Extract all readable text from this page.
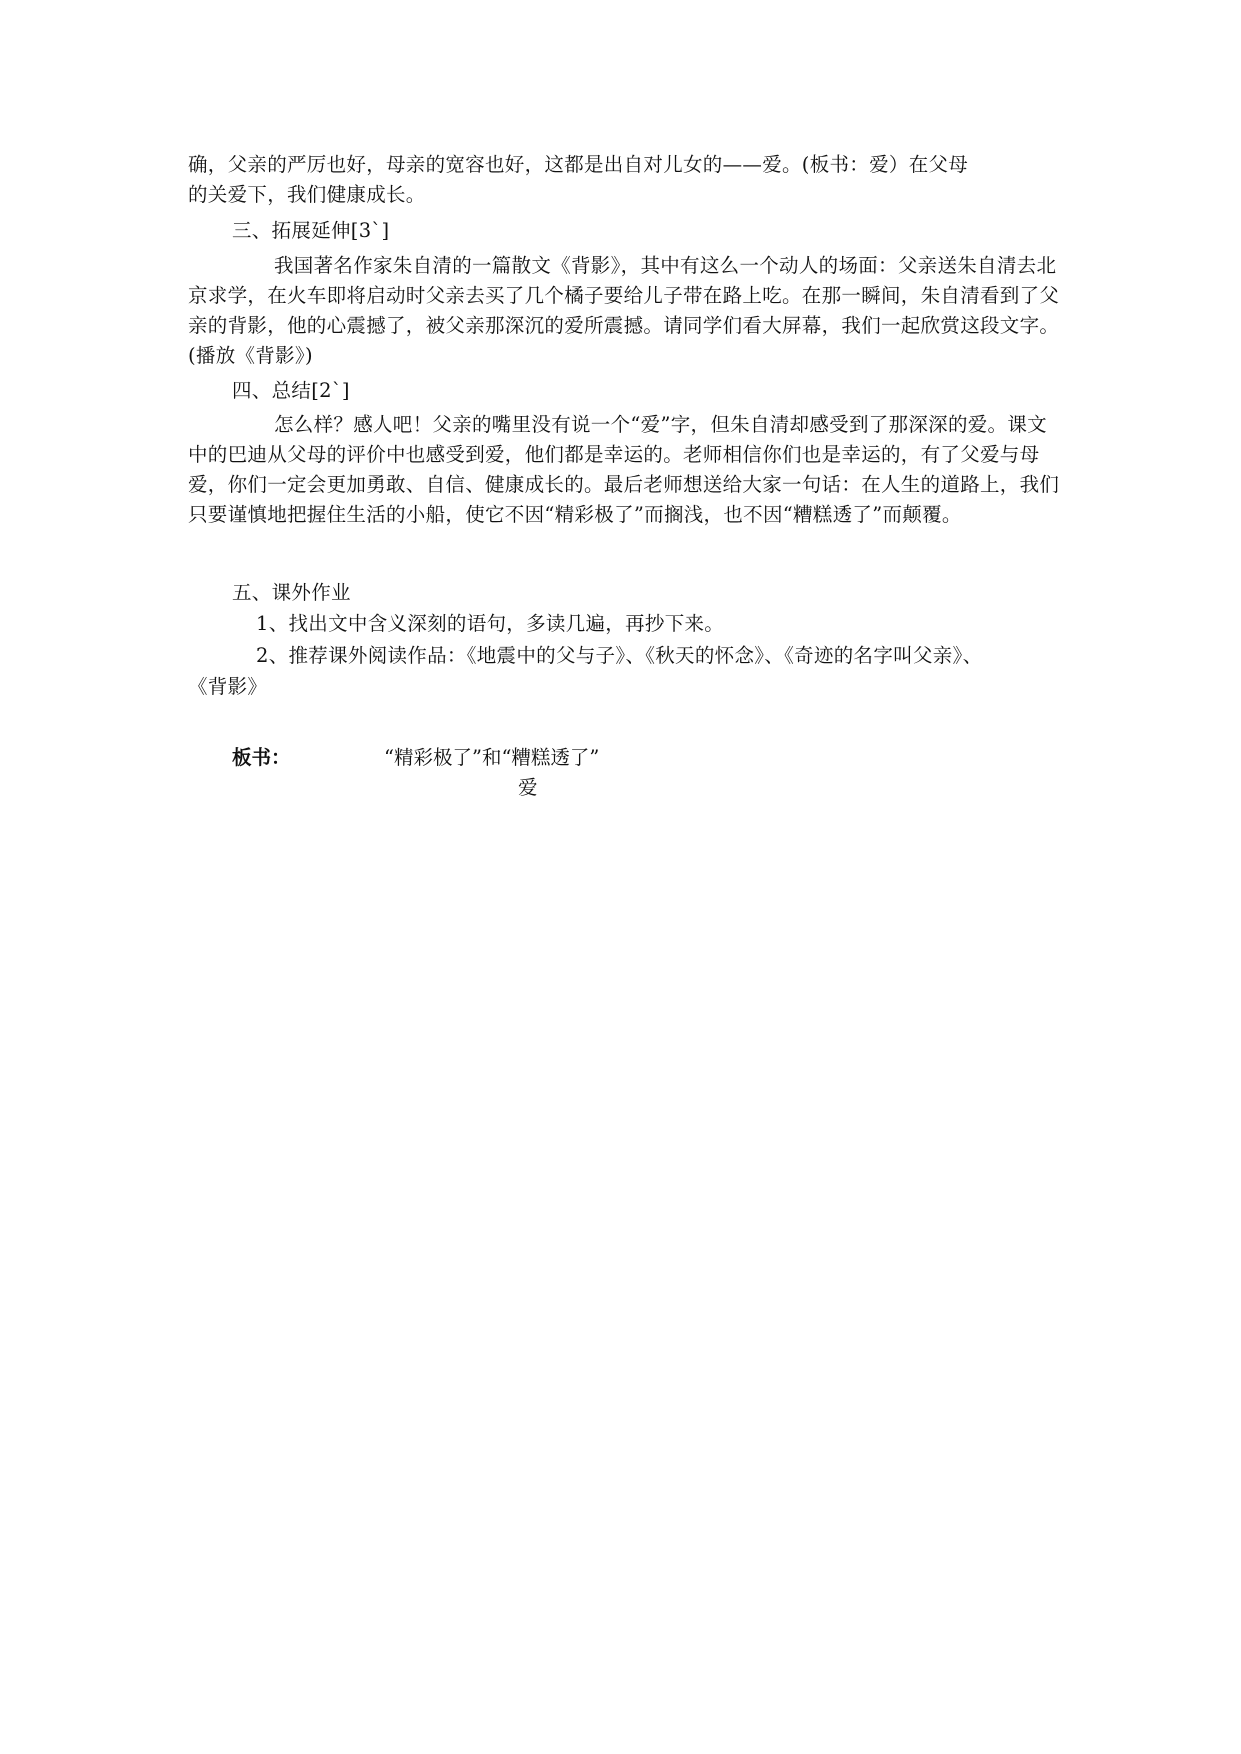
确，父亲的严厉也好，母亲的宽容也好，这都是出自对儿女的——爱。(板书：爱）在父母
的关爱下，我们健康成长。
三、拓展延伸[3`]
我国著名作家朱自清的一篇散文《背影》，其中有这么一个动人的场面：父亲送朱自清去北京求学，在火车即将启动时父亲去买了几个橘子要给儿子带在路上吃。在那一瞬间，朱自清看到了父亲的背影，他的心震撼了，被父亲那深沉的爱所震撼。请同学们看大屏幕，我们一起欣赏这段文字。(播放《背影》)
四、总结[2`]
怎么样？感人吧！父亲的嘴里没有说一个“爱”字，但朱自清却感受到了那深深的爱。课文中的巴迪从父母的评价中也感受到爱，他们都是幸运的。老师相信你们也是幸运的，有了父爱与母爱，你们一定会更加勇敢、自信、健康成长的。最后老师想送给大家一句话：在人生的道路上，我们只要谨慎地把握住生活的小船，使它不因“精彩极了”而搁浅，也不因“糟糕透了”而颠覆。
五、课外作业
1、找出文中含义深刻的语句，多读几遍，再抄下来。
2、推荐课外阅读作品：《地震中的父与子》、《秋天的怀念》、《奇迹的名字叫父亲》、
《背影》
板书：	“精彩极了”和“糟糕透了”
爱
